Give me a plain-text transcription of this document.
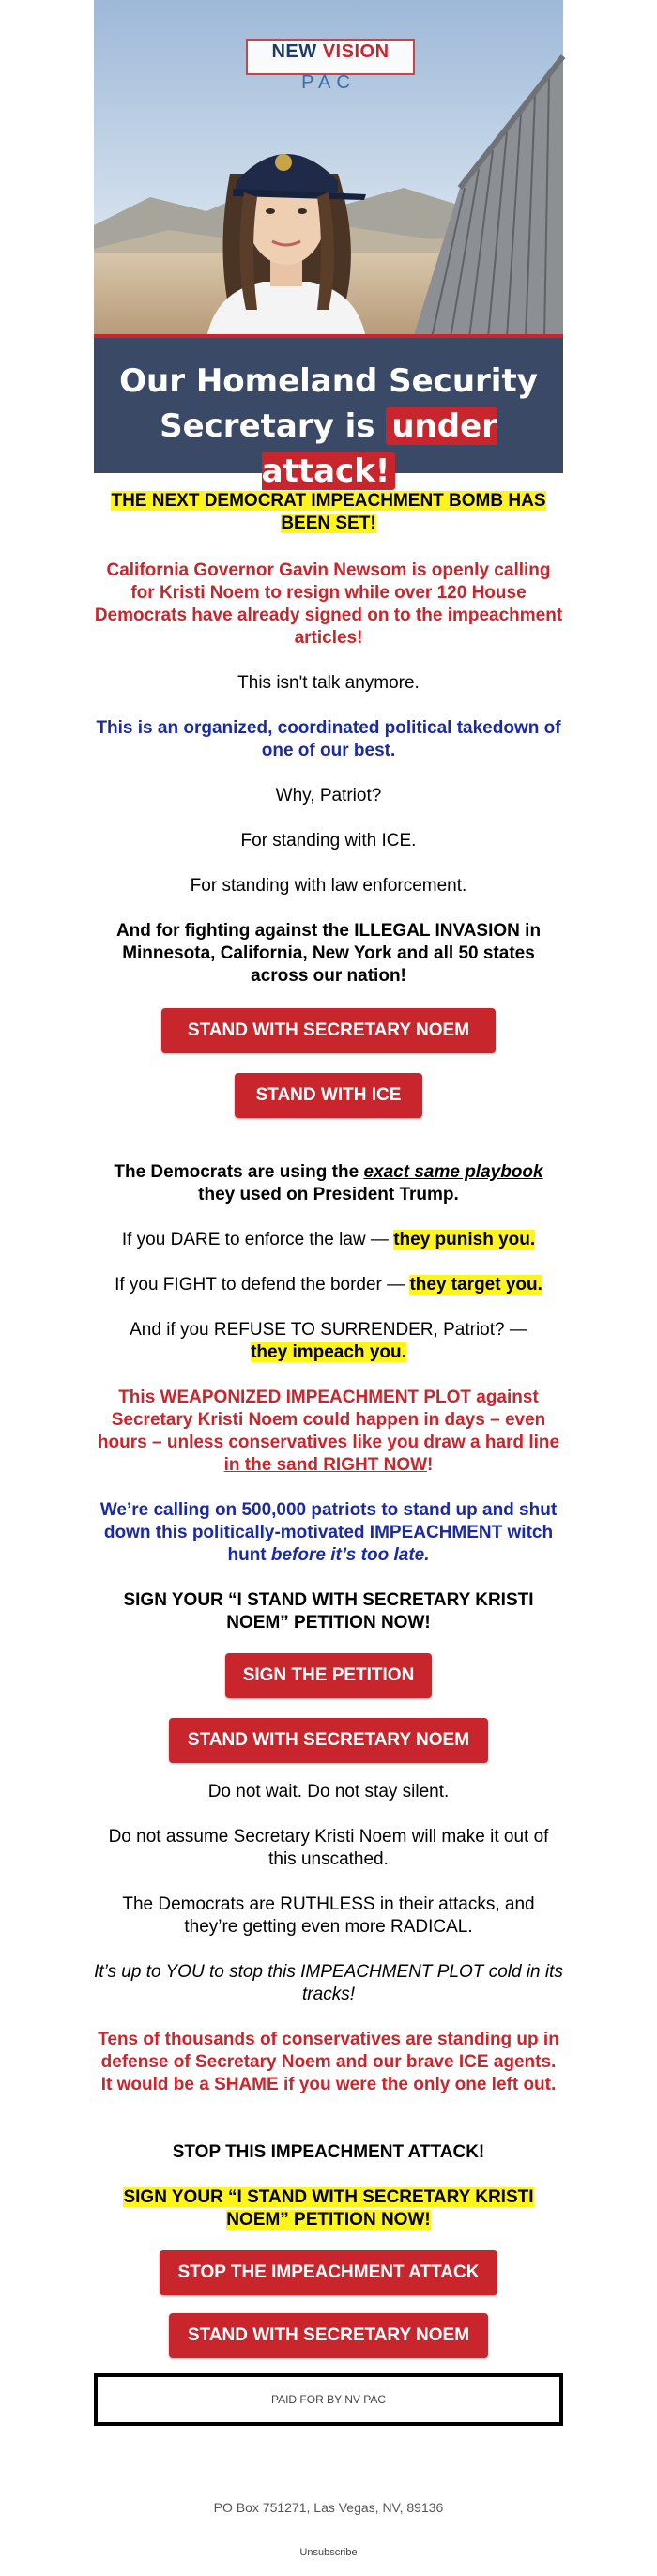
NEW VISION
PAC
Our Homeland Security
Secretary is under attack!
THE NEXT DEMOCRAT IMPEACHMENT BOMB HAS BEEN SET!
California Governor Gavin Newsom is openly calling for Kristi Noem to resign while over 120 House Democrats have already signed on to the impeachment articles!
This isn't talk anymore.
This is an organized, coordinated political takedown of one of our best.
Why, Patriot?
For standing with ICE.
For standing with law enforcement.
And for fighting against the ILLEGAL INVASION in Minnesota, California, New York and all 50 states across our nation!
STAND WITH SECRETARY NOEM
STAND WITH ICE
The Democrats are using the exact same playbook they used on President Trump.
If you DARE to enforce the law — they punish you.
If you FIGHT to defend the border — they target you.
And if you REFUSE TO SURRENDER, Patriot? —
they impeach you.
This WEAPONIZED IMPEACHMENT PLOT against Secretary Kristi Noem could happen in days – even hours – unless conservatives like you draw a hard line in the sand RIGHT NOW!
We’re calling on 500,000 patriots to stand up and shut down this politically-motivated IMPEACHMENT witch hunt before it’s too late.
SIGN YOUR “I STAND WITH SECRETARY KRISTI NOEM” PETITION NOW!
SIGN THE PETITION
STAND WITH SECRETARY NOEM
Do not wait. Do not stay silent.
Do not assume Secretary Kristi Noem will make it out of this unscathed.
The Democrats are RUTHLESS in their attacks, and they’re getting even more RADICAL.
It’s up to YOU to stop this IMPEACHMENT PLOT cold in its tracks!
Tens of thousands of conservatives are standing up in defense of Secretary Noem and our brave ICE agents. It would be a SHAME if you were the only one left out.
STOP THIS IMPEACHMENT ATTACK!
SIGN YOUR “I STAND WITH SECRETARY KRISTI NOEM” PETITION NOW!
STOP THE IMPEACHMENT ATTACK
STAND WITH SECRETARY NOEM
PAID FOR BY NV PAC
PO Box 751271, Las Vegas, NV, 89136
Unsubscribe
